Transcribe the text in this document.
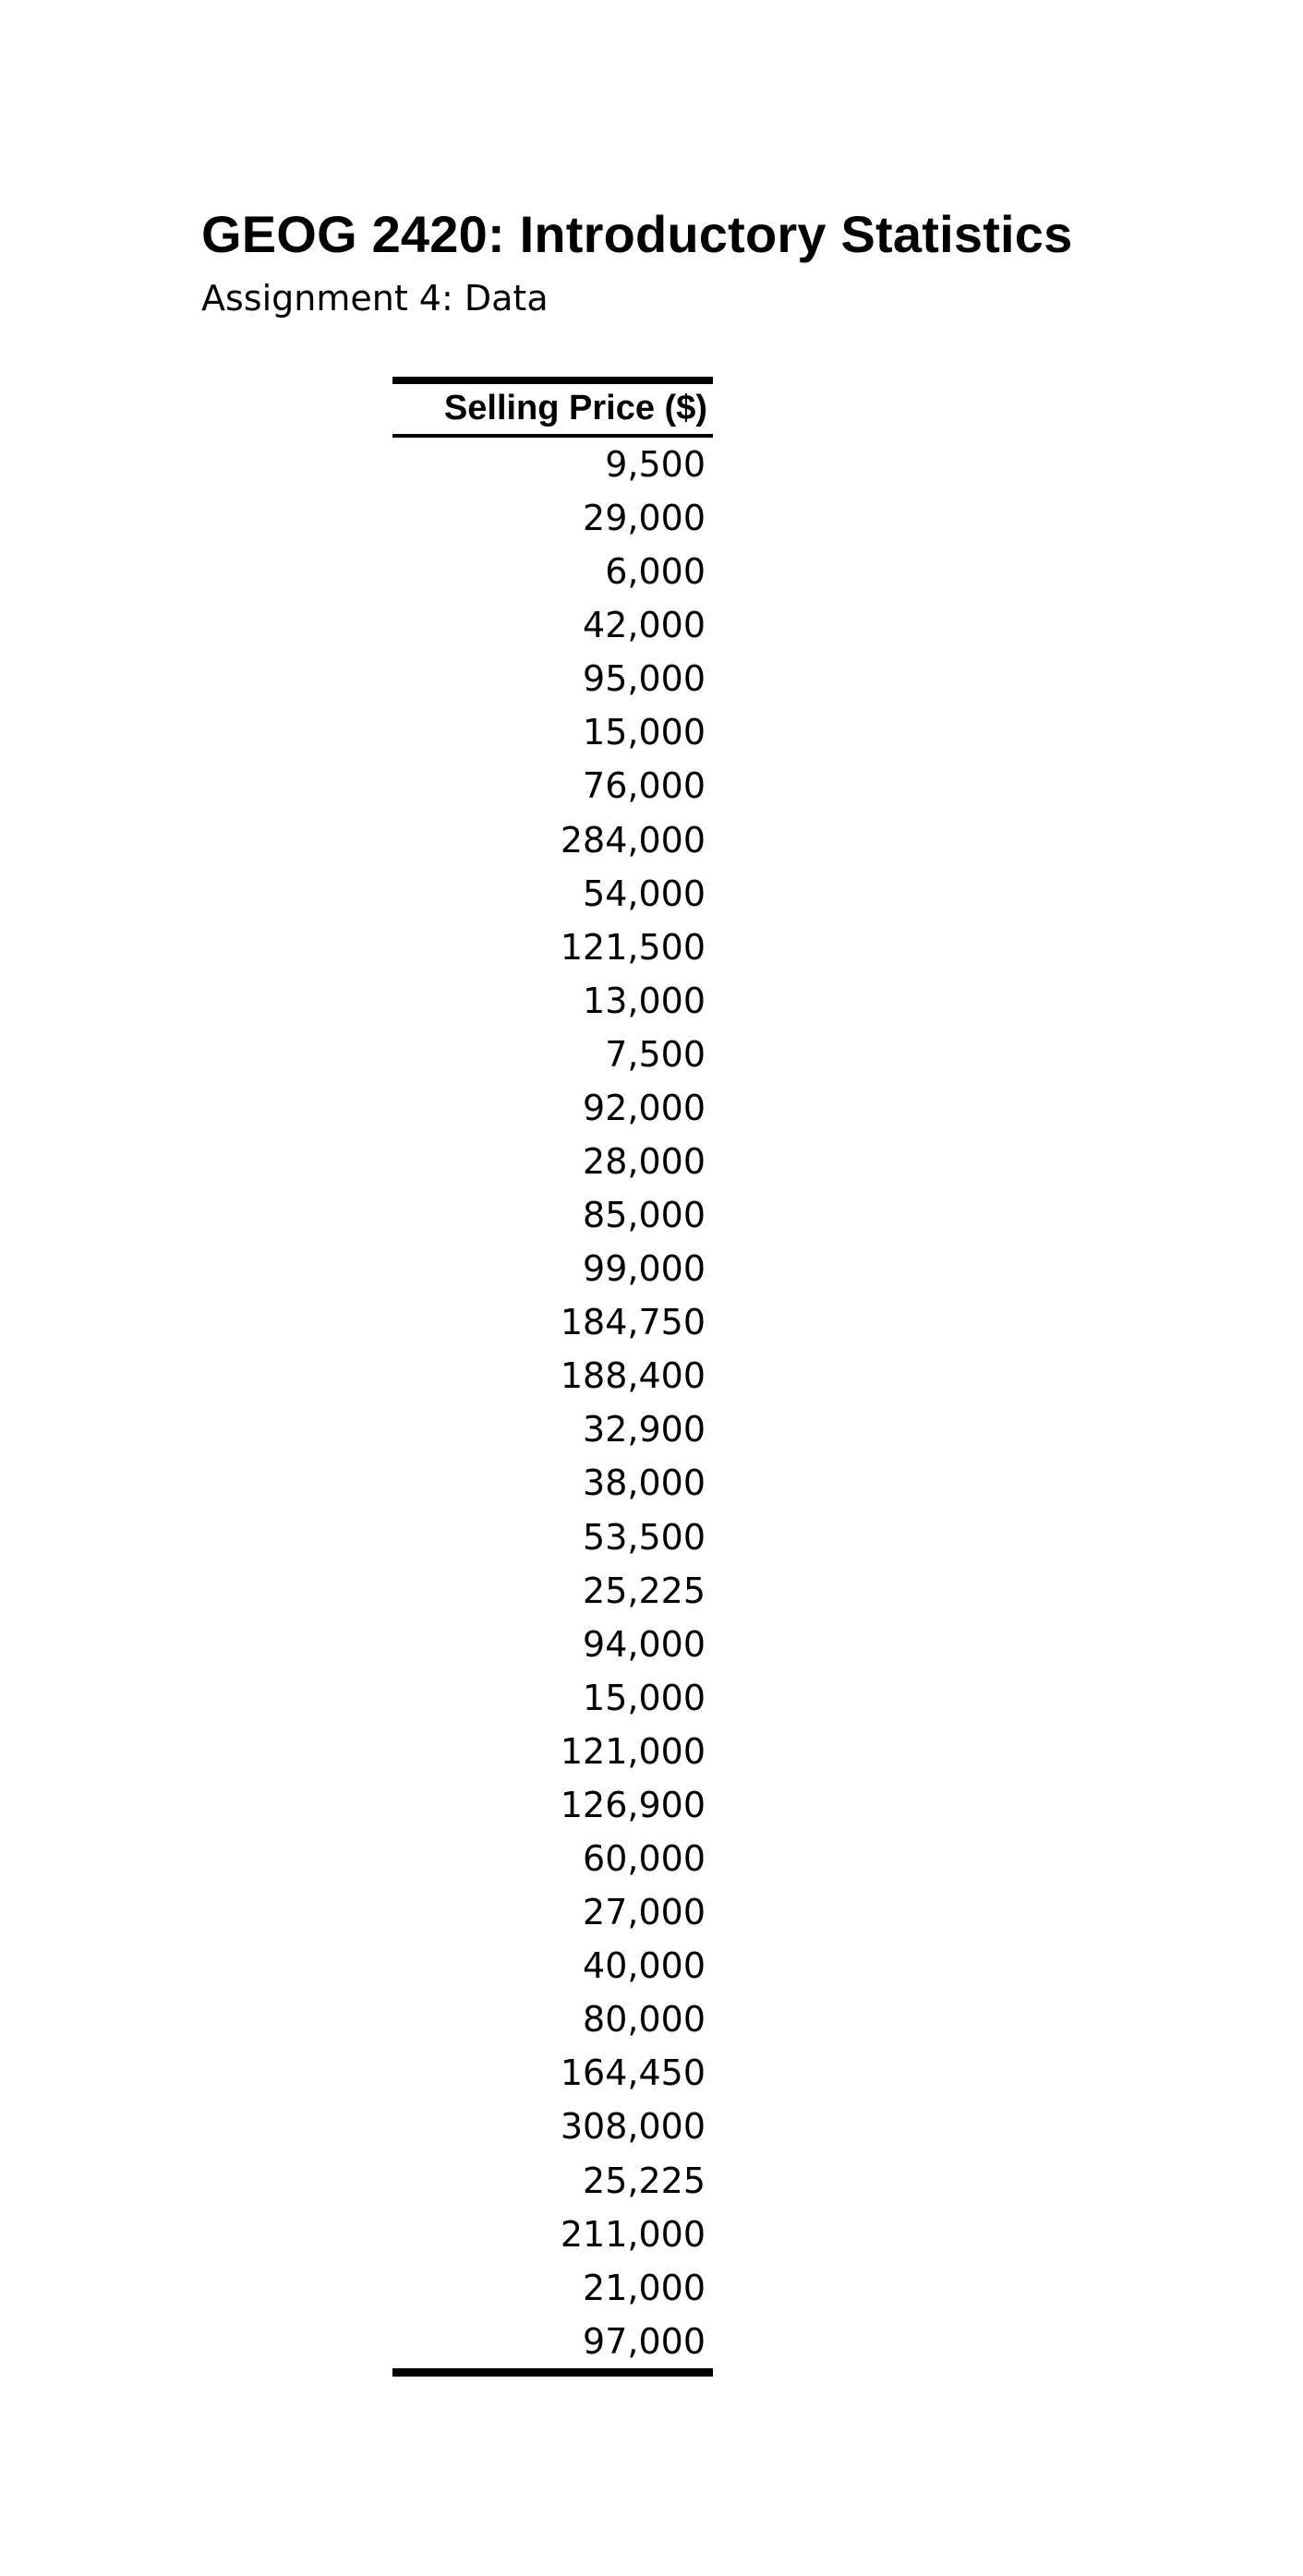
GEOG 2420: Introductory Statistics
Assignment 4: Data
Selling Price ($)
9,500
29,000
6,000
42,000
95,000
15,000
76,000
284,000
54,000
121,500
13,000
7,500
92,000
28,000
85,000
99,000
184,750
188,400
32,900
38,000
53,500
25,225
94,000
15,000
121,000
126,900
60,000
27,000
40,000
80,000
164,450
308,000
25,225
211,000
21,000
97,000
